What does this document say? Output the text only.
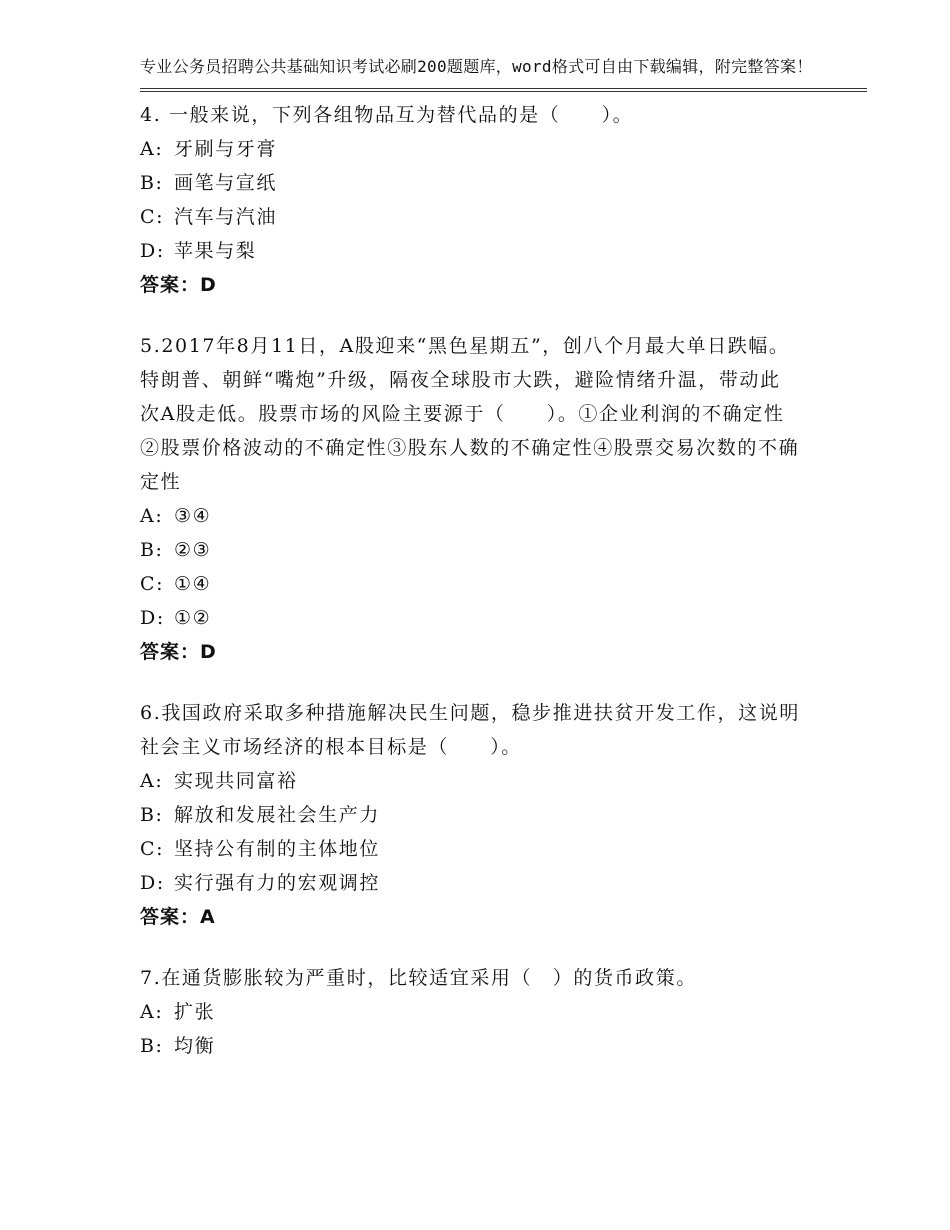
专业公务员招聘公共基础知识考试必刷200题题库，word格式可自由下载编辑，附完整答案！
4. 一般来说，下列各组物品互为替代品的是（　　）。
A: 牙刷与牙膏
B: 画笔与宣纸
C: 汽车与汽油
D: 苹果与梨
答案：D
5.2017年8月11日，A股迎来“黑色星期五”，创八个月最大单日跌幅。特朗普、朝鲜“嘴炮”升级，隔夜全球股市大跌，避险情绪升温，带动此次A股走低。股票市场的风险主要源于（　　）。①企业利润的不确定性②股票价格波动的不确定性③股东人数的不确定性④股票交易次数的不确定性
A: ③④
B: ②③
C: ①④
D: ①②
答案：D
6.我国政府采取多种措施解决民生问题，稳步推进扶贫开发工作，这说明社会主义市场经济的根本目标是（　　）。
A: 实现共同富裕
B: 解放和发展社会生产力
C: 坚持公有制的主体地位
D: 实行强有力的宏观调控
答案：A
7.在通货膨胀较为严重时，比较适宜采用（　）的货币政策。
A: 扩张
B: 均衡
